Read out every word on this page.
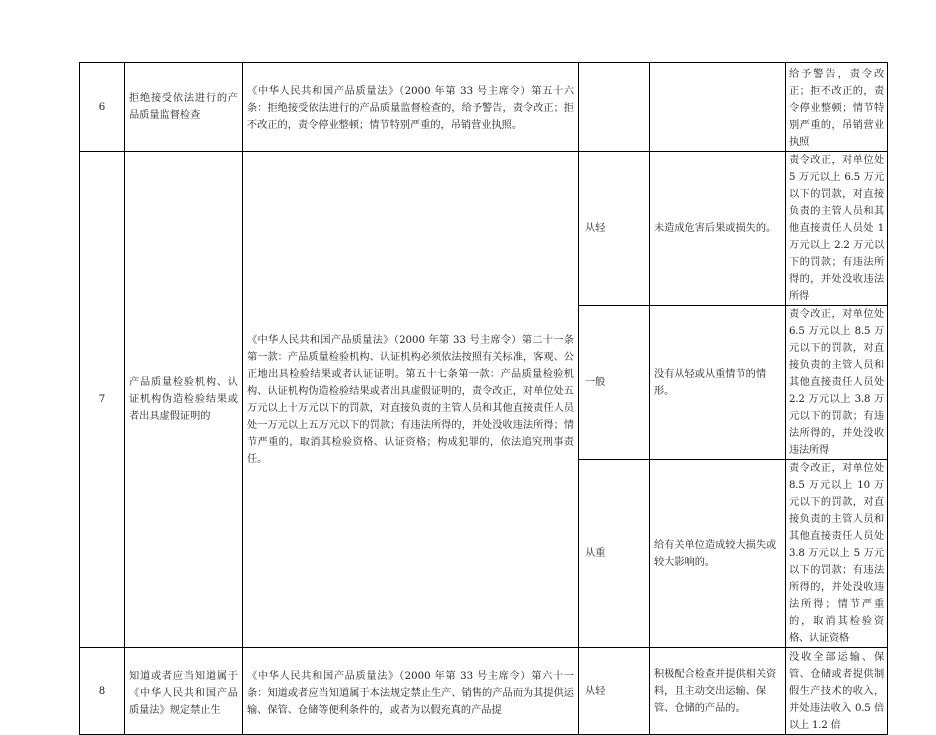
6	拒绝接受依法进行的产品质量监督检查	《中华人民共和国产品质量法》（2000 年第 33 号主席令）第五十六条：拒绝接受依法进行的产品质量监督检查的，给予警告，责令改正；拒不改正的，责令停业整顿；情节特别严重的，吊销营业执照。			给予警告，责令改正；拒不改正的，责令停业整顿；情节特别严重的，吊销营业执照
7	产品质量检验机构、认证机构伪造检验结果或者出具虚假证明的	《中华人民共和国产品质量法》（2000 年第 33 号主席令）第二十一条第一款：产品质量检验机构、认证机构必须依法按照有关标准，客观、公正地出具检验结果或者认证证明。第五十七条第一款：产品质量检验机构、认证机构伪造检验结果或者出具虚假证明的，责令改正，对单位处五万元以上十万元以下的罚款，对直接负责的主管人员和其他直接责任人员处一万元以上五万元以下的罚款；有违法所得的，并处没收违法所得；情节严重的，取消其检验资格、认证资格；构成犯罪的，依法追究刑事责任。	从轻	未造成危害后果或损失的。	责令改正，对单位处 5 万元以上 6.5 万元以下的罚款，对直接负责的主管人员和其他直接责任人员处 1 万元以上 2.2 万元以下的罚款；有违法所得的，并处没收违法所得
			一般	没有从轻或从重情节的情形。	责令改正，对单位处 6.5 万元以上 8.5 万元以下的罚款，对直接负责的主管人员和其他直接责任人员处 2.2 万元以上 3.8 万元以下的罚款；有违法所得的，并处没收违法所得
			从重	给有关单位造成较大损失或较大影响的。	责令改正，对单位处8.5 万元以上 10 万元以下的罚款，对直接负责的主管人员和其他直接责任人员处 3.8 万元以上 5 万元以下的罚款；有违法所得的，并处没收违法所得；情节严重的，取消其检验资格、认证资格
8	知道或者应当知道属于《中华人民共和国产品质量法》规定禁止生	《中华人民共和国产品质量法》（2000 年第 33 号主席令）第六十一条：知道或者应当知道属于本法规定禁止生产、销售的产品而为其提供运输、保管、仓储等便利条件的，或者为以假充真的产品提	从轻	积极配合检查并提供相关资料，且主动交出运输、保管、仓储的产品的。	没收全部运输、保管、仓储或者提供制假生产技术的收入，并处违法收入 0.5 倍以上 1.2 倍
